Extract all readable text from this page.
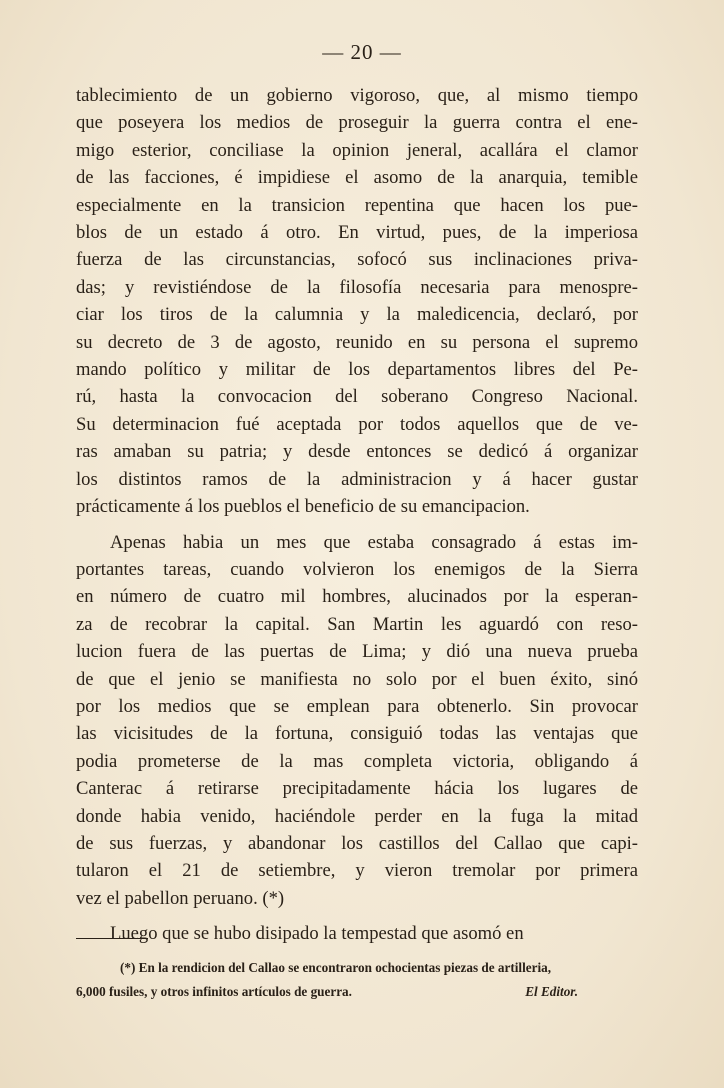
— 20 —
tablecimiento de un gobierno vigoroso, que, al mismo tiempo
que poseyera los medios de proseguir la guerra contra el ene-
migo esterior, conciliase la opinion jeneral, acallára el clamor
de las facciones, é impidiese el asomo de la anarquia, temible
especialmente en la transicion repentina que hacen los pue-
blos de un estado á otro. En virtud, pues, de la imperiosa
fuerza de las circunstancias, sofocó sus inclinaciones priva-
das; y revistiéndose de la filosofía necesaria para menospre-
ciar los tiros de la calumnia y la maledicencia, declaró, por
su decreto de 3 de agosto, reunido en su persona el supremo
mando político y militar de los departamentos libres del Pe-
rú, hasta la convocacion del soberano Congreso Nacional.
Su determinacion fué aceptada por todos aquellos que de ve-
ras amaban su patria; y desde entonces se dedicó á organizar
los distintos ramos de la administracion y á hacer gustar
prácticamente á los pueblos el beneficio de su emancipacion.
Apenas habia un mes que estaba consagrado á estas im-
portantes tareas, cuando volvieron los enemigos de la Sierra
en número de cuatro mil hombres, alucinados por la esperan-
za de recobrar la capital. San Martin les aguardó con reso-
lucion fuera de las puertas de Lima; y dió una nueva prueba
de que el jenio se manifiesta no solo por el buen éxito, sinó
por los medios que se emplean para obtenerlo. Sin provocar
las vicisitudes de la fortuna, consiguió todas las ventajas que
podia prometerse de la mas completa victoria, obligando á
Canterac á retirarse precipitadamente hácia los lugares de
donde habia venido, haciéndole perder en la fuga la mitad
de sus fuerzas, y abandonar los castillos del Callao que capi-
tularon el 21 de setiembre, y vieron tremolar por primera
vez el pabellon peruano. (*)
Luego que se hubo disipado la tempestad que asomó en
(*) En la rendicion del Callao se encontraron ochocientas piezas de artilleria,
6,000 fusiles, y otros infinitos artículos de guerra.	El Editor.
